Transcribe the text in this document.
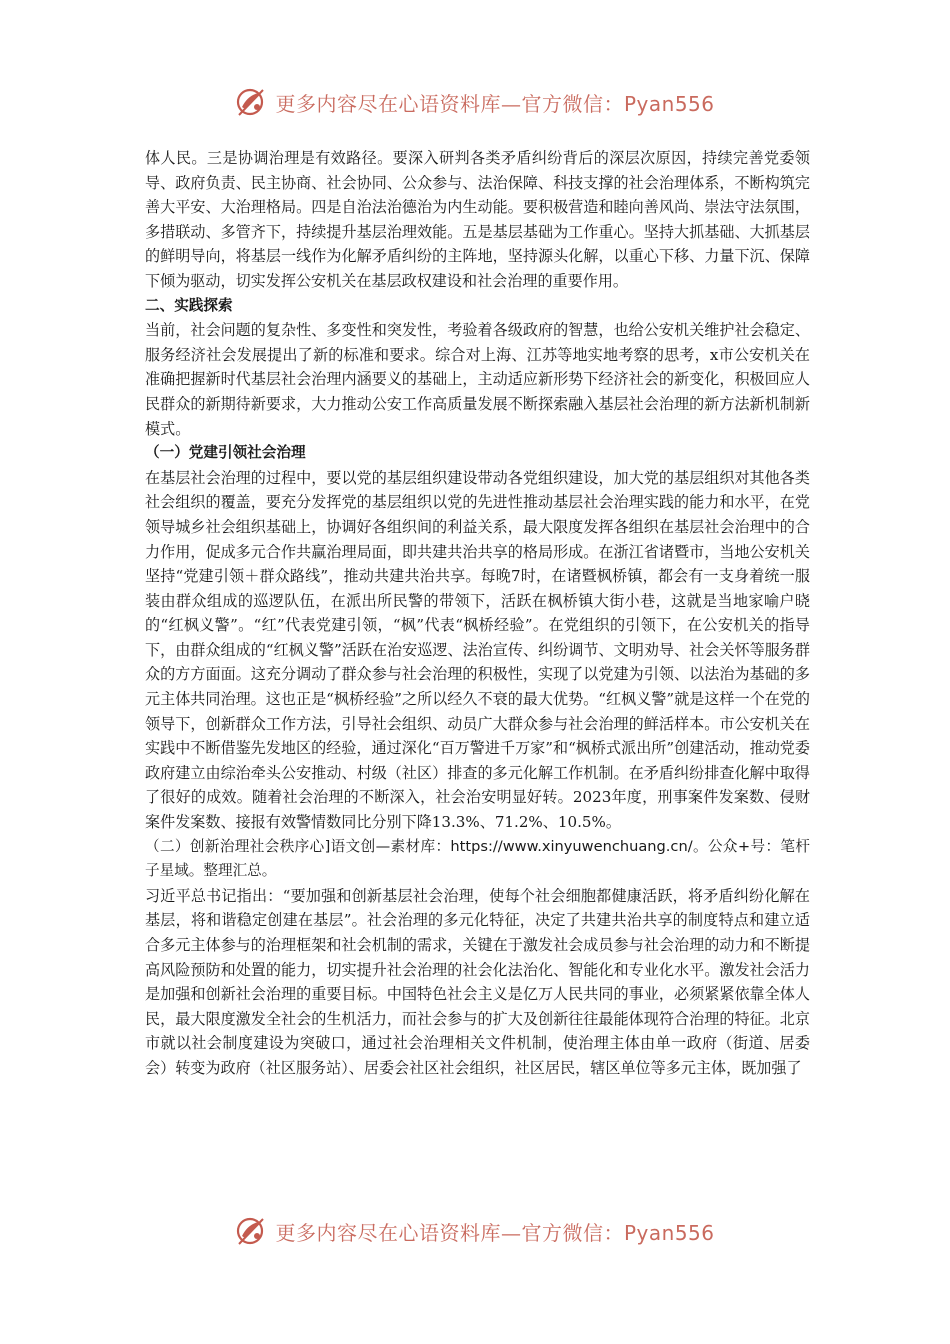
更多内容尽在心语资料库—官方微信：Pyan556

体人民。三是协调治理是有效路径。要深入研判各类矛盾纠纷背后的深层次原因，持续完善党委领导、政府负责、民主协商、社会协同、公众参与、法治保障、科技支撑的社会治理体系，不断构筑完善大平安、大治理格局。四是自治法治德治为内生动能。要积极营造和睦向善风尚、崇法守法氛围，多措联动、多管齐下，持续提升基层治理效能。五是基层基础为工作重心。坚持大抓基础、大抓基层的鲜明导向，将基层一线作为化解矛盾纠纷的主阵地，坚持源头化解，以重心下移、力量下沉、保障下倾为驱动，切实发挥公安机关在基层政权建设和社会治理的重要作用。

二、实践探索

当前，社会问题的复杂性、多变性和突发性，考验着各级政府的智慧，也给公安机关维护社会稳定、服务经济社会发展提出了新的标准和要求。综合对上海、江苏等地实地考察的思考，x市公安机关在准确把握新时代基层社会治理内涵要义的基础上，主动适应新形势下经济社会的新变化，积极回应人民群众的新期待新要求，大力推动公安工作高质量发展不断探索融入基层社会治理的新方法新机制新模式。

（一）党建引领社会治理

在基层社会治理的过程中，要以党的基层组织建设带动各党组织建设，加大党的基层组织对其他各类社会组织的覆盖，要充分发挥党的基层组织以党的先进性推动基层社会治理实践的能力和水平，在党领导城乡社会组织基础上，协调好各组织间的利益关系，最大限度发挥各组织在基层社会治理中的合力作用，促成多元合作共赢治理局面，即共建共治共享的格局形成。在浙江省诸暨市，当地公安机关坚持“党建引领＋群众路线”，推动共建共治共享。每晚7时，在诸暨枫桥镇，都会有一支身着统一服装由群众组成的巡逻队伍，在派出所民警的带领下，活跃在枫桥镇大街小巷，这就是当地家喻户晓的“红枫义警”。“红”代表党建引领，“枫”代表“枫桥经验”。在党组织的引领下，在公安机关的指导下，由群众组成的“红枫义警”活跃在治安巡逻、法治宣传、纠纷调节、文明劝导、社会关怀等服务群众的方方面面。这充分调动了群众参与社会治理的积极性，实现了以党建为引领、以法治为基础的多元主体共同治理。这也正是“枫桥经验”之所以经久不衰的最大优势。“红枫义警”就是这样一个在党的领导下，创新群众工作方法，引导社会组织、动员广大群众参与社会治理的鲜活样本。市公安机关在实践中不断借鉴先发地区的经验，通过深化“百万警进千万家”和“枫桥式派出所”创建活动，推动党委政府建立由综治牵头公安推动、村级（社区）排查的多元化解工作机制。在矛盾纠纷排查化解中取得了很好的成效。随着社会治理的不断深入，社会治安明显好转。2023年度，刑事案件发案数、侵财案件发案数、接报有效警情数同比分别下降13.3%、71.2%、10.5%。

（二）创新治理社会秩序心]语文创—素材库：https://www.xinyuwenchuang.cn/。公众+号：笔杆子星域。整理汇总。

习近平总书记指出：“要加强和创新基层社会治理，使每个社会细胞都健康活跃，将矛盾纠纷化解在基层，将和谐稳定创建在基层”。社会治理的多元化特征，决定了共建共治共享的制度特点和建立适合多元主体参与的治理框架和社会机制的需求，关键在于激发社会成员参与社会治理的动力和不断提高风险预防和处置的能力，切实提升社会治理的社会化法治化、智能化和专业化水平。激发社会活力是加强和创新社会治理的重要目标。中国特色社会主义是亿万人民共同的事业，必须紧紧依靠全体人民，最大限度激发全社会的生机活力，而社会参与的扩大及创新往往最能体现符合治理的特征。北京市就以社会制度建设为突破口，通过社会治理相关文件机制，使治理主体由单一政府（街道、居委会）转变为政府（社区服务站）、居委会社区社会组织，社区居民，辖区单位等多元主体，既加强了

更多内容尽在心语资料库—官方微信：Pyan556
